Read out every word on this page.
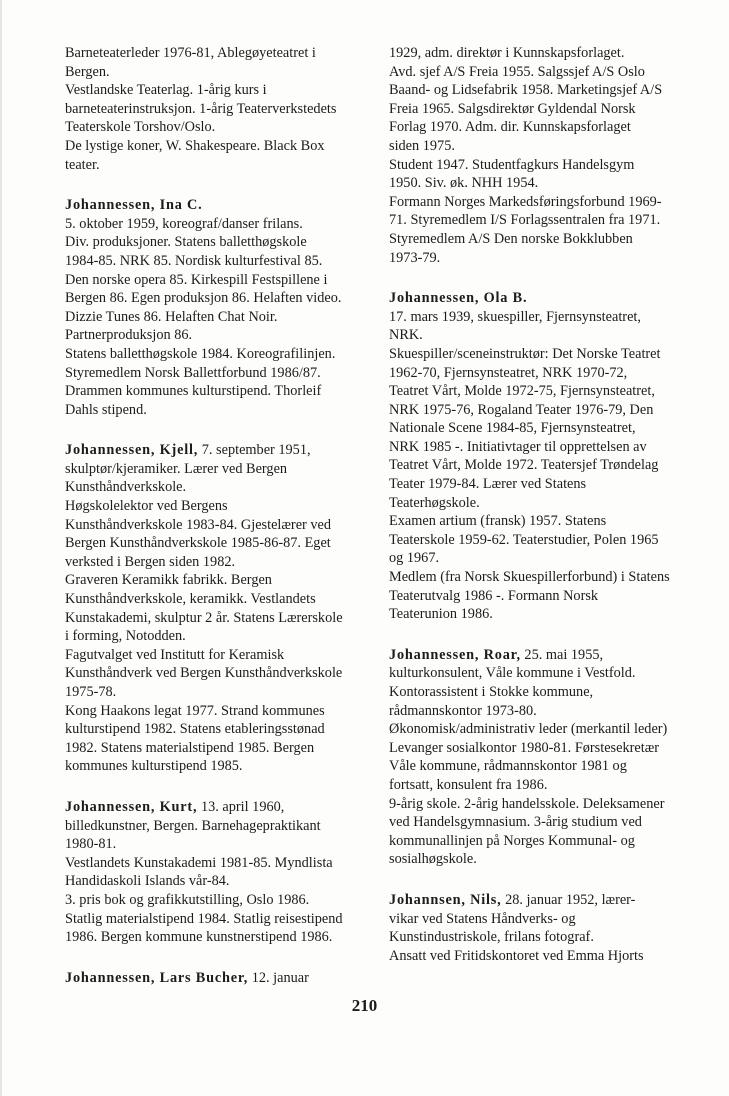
Barneteaterleder 1976-81, Ablegøyeteatret i
Bergen.
Vestlandske Teaterlag. 1-årig kurs i
barneteaterinstruksjon. 1-årig Teaterverkstedets
Teaterskole Torshov/Oslo.
De lystige koner, W. Shakespeare. Black Box
teater.
Johannessen, Ina C.
5. oktober 1959, koreograf/danser frilans.
Div. produksjoner. Statens balletthøgskole
1984-85. NRK 85. Nordisk kulturfestival 85.
Den norske opera 85. Kirkespill Festspillene i
Bergen 86. Egen produksjon 86. Helaften video.
Dizzie Tunes 86. Helaften Chat Noir.
Partnerproduksjon 86.
Statens balletthøgskole 1984. Koreografilinjen.
Styremedlem Norsk Ballettforbund 1986/87.
Drammen kommunes kulturstipend. Thorleif
Dahls stipend.
Johannessen, Kjell, 7. september 1951,
skulptør/kjeramiker. Lærer ved Bergen
Kunsthåndverkskole.
Høgskolelektor ved Bergens
Kunsthåndverkskole 1983-84. Gjestelærer ved
Bergen Kunsthåndverkskole 1985-86-87. Eget
verksted i Bergen siden 1982.
Graveren Keramikk fabrikk. Bergen
Kunsthåndverkskole, keramikk. Vestlandets
Kunstakademi, skulptur 2 år. Statens Lærerskole
i forming, Notodden.
Fagutvalget ved Institutt for Keramisk
Kunsthåndverk ved Bergen Kunsthåndverkskole
1975-78.
Kong Haakons legat 1977. Strand kommunes
kulturstipend 1982. Statens etableringsstønad
1982. Statens materialstipend 1985. Bergen
kommunes kulturstipend 1985.
Johannessen, Kurt, 13. april 1960,
billedkunstner, Bergen. Barnehagepraktikant
1980-81.
Vestlandets Kunstakademi 1981-85. Myndlista
Handidaskoli Islands vår-84.
3. pris bok og grafikkutstilling, Oslo 1986.
Statlig materialstipend 1984. Statlig reisestipend
1986. Bergen kommune kunstnerstipend 1986.
Johannessen, Lars Bucher, 12. januar
1929, adm. direktør i Kunnskapsforlaget.
Avd. sjef A/S Freia 1955. Salgssjef A/S Oslo
Baand- og Lidsefabrik 1958. Marketingsjef A/S
Freia 1965. Salgsdirektør Gyldendal Norsk
Forlag 1970. Adm. dir. Kunnskapsforlaget
siden 1975.
Student 1947. Studentfagkurs Handelsgym
1950. Siv. øk. NHH 1954.
Formann Norges Markedsføringsforbund 1969-
71. Styremedlem I/S Forlagssentralen fra 1971.
Styremedlem A/S Den norske Bokklubben
1973-79.
Johannessen, Ola B.
17. mars 1939, skuespiller, Fjernsynsteatret,
NRK.
Skuespiller/sceneinstruktør: Det Norske Teatret
1962-70, Fjernsynsteatret, NRK 1970-72,
Teatret Vårt, Molde 1972-75, Fjernsynsteatret,
NRK 1975-76, Rogaland Teater 1976-79, Den
Nationale Scene 1984-85, Fjernsynsteatret,
NRK 1985 -. Initiativtager til opprettelsen av
Teatret Vårt, Molde 1972. Teatersjef Trøndelag
Teater 1979-84. Lærer ved Statens
Teaterhøgskole.
Examen artium (fransk) 1957. Statens
Teaterskole 1959-62. Teaterstudier, Polen 1965
og 1967.
Medlem (fra Norsk Skuespillerforbund) i Statens
Teaterutvalg 1986 -. Formann Norsk
Teaterunion 1986.
Johannessen, Roar, 25. mai 1955,
kulturkonsulent, Våle kommune i Vestfold.
Kontorassistent i Stokke kommune,
rådmannskontor 1973-80.
Økonomisk/administrativ leder (merkantil leder)
Levanger sosialkontor 1980-81. Førstesekretær
Våle kommune, rådmannskontor 1981 og
fortsatt, konsulent fra 1986.
9-årig skole. 2-årig handelsskole. Deleksamener
ved Handelsgymnasium. 3-årig studium ved
kommunallinjen på Norges Kommunal- og
sosialhøgskole.
Johannsen, Nils, 28. januar 1952, lærer-
vikar ved Statens Håndverks- og
Kunstindustriskole, frilans fotograf.
Ansatt ved Fritidskontoret ved Emma Hjorts
210
